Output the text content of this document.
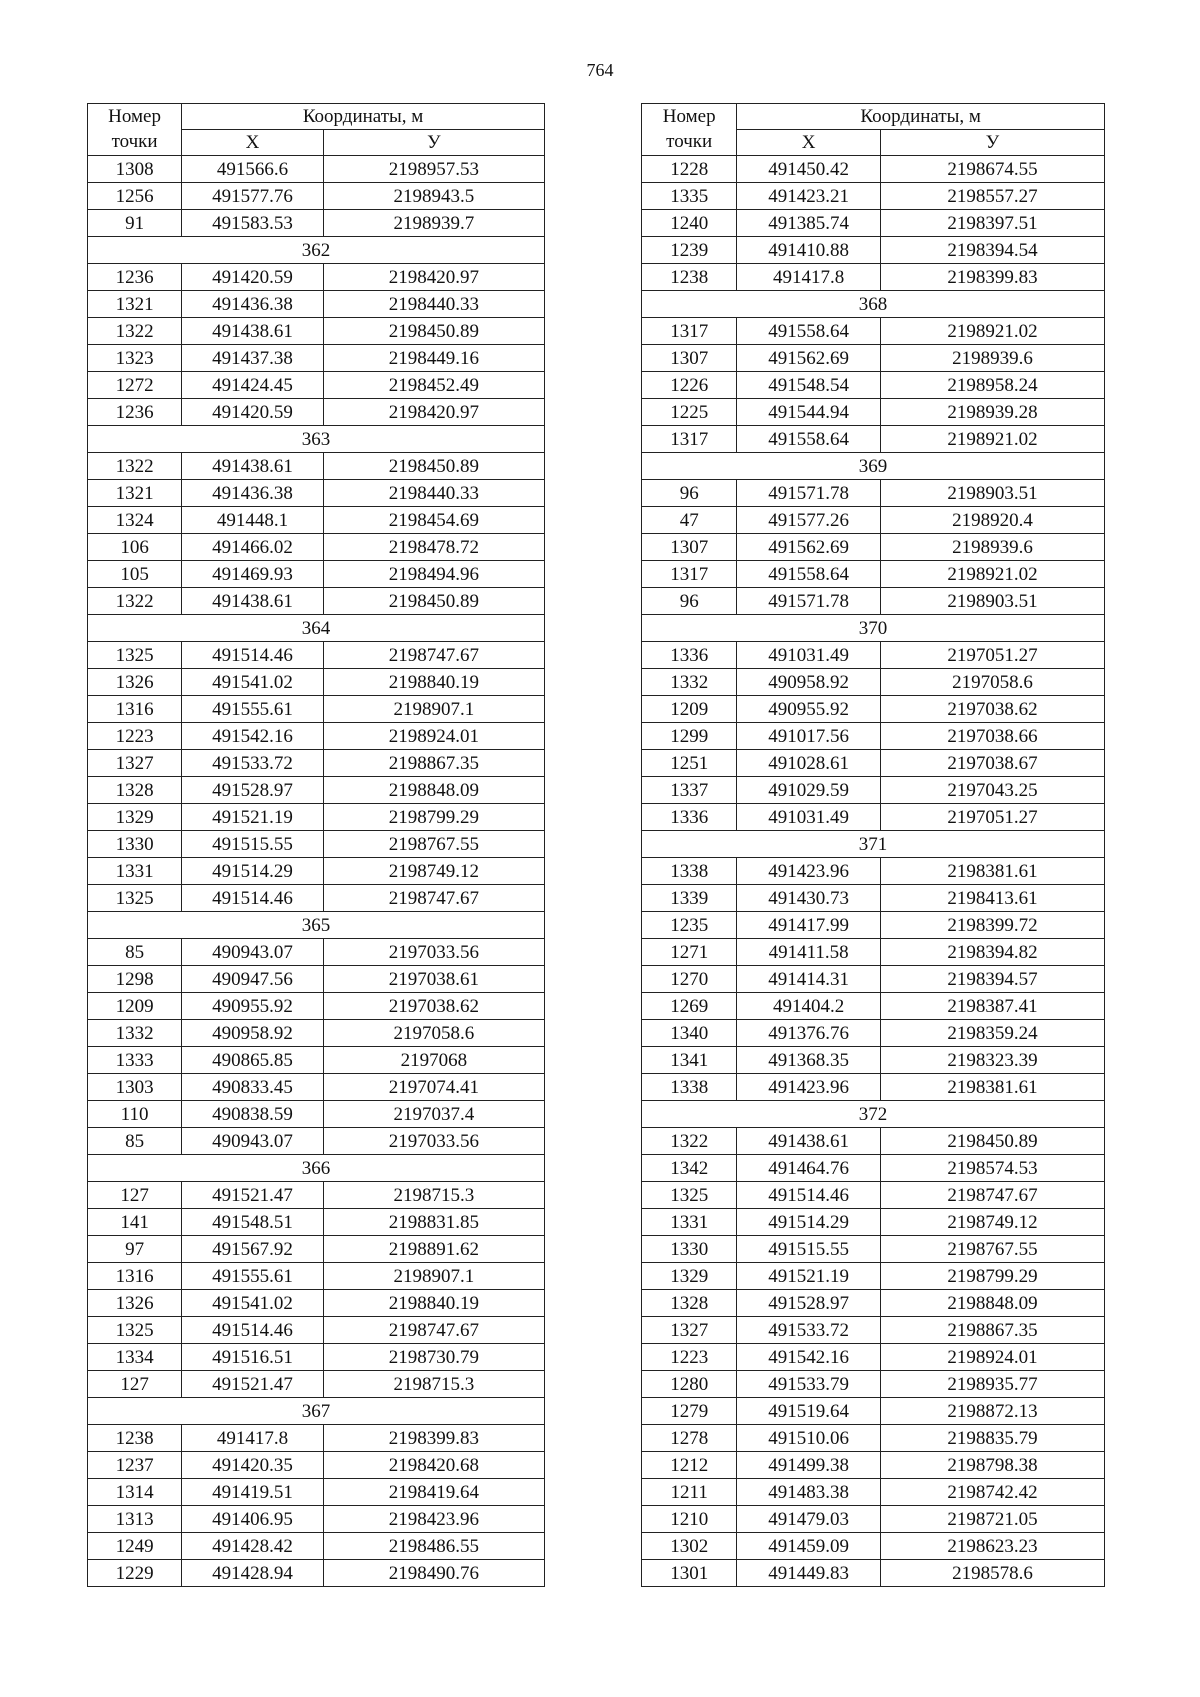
764
Номер
точки	Координаты, м	
	X	У
1308	491566.6	2198957.53
1256	491577.76	2198943.5
91	491583.53	2198939.7
362		
1236	491420.59	2198420.97
1321	491436.38	2198440.33
1322	491438.61	2198450.89
1323	491437.38	2198449.16
1272	491424.45	2198452.49
1236	491420.59	2198420.97
363		
1322	491438.61	2198450.89
1321	491436.38	2198440.33
1324	491448.1	2198454.69
106	491466.02	2198478.72
105	491469.93	2198494.96
1322	491438.61	2198450.89
364		
1325	491514.46	2198747.67
1326	491541.02	2198840.19
1316	491555.61	2198907.1
1223	491542.16	2198924.01
1327	491533.72	2198867.35
1328	491528.97	2198848.09
1329	491521.19	2198799.29
1330	491515.55	2198767.55
1331	491514.29	2198749.12
1325	491514.46	2198747.67
365		
85	490943.07	2197033.56
1298	490947.56	2197038.61
1209	490955.92	2197038.62
1332	490958.92	2197058.6
1333	490865.85	2197068
1303	490833.45	2197074.41
110	490838.59	2197037.4
85	490943.07	2197033.56
366		
127	491521.47	2198715.3
141	491548.51	2198831.85
97	491567.92	2198891.62
1316	491555.61	2198907.1
1326	491541.02	2198840.19
1325	491514.46	2198747.67
1334	491516.51	2198730.79
127	491521.47	2198715.3
367		
1238	491417.8	2198399.83
1237	491420.35	2198420.68
1314	491419.51	2198419.64
1313	491406.95	2198423.96
1249	491428.42	2198486.55
1229	491428.94	2198490.76
Номер
точки	Координаты, м	
	X	У
1228	491450.42	2198674.55
1335	491423.21	2198557.27
1240	491385.74	2198397.51
1239	491410.88	2198394.54
1238	491417.8	2198399.83
368		
1317	491558.64	2198921.02
1307	491562.69	2198939.6
1226	491548.54	2198958.24
1225	491544.94	2198939.28
1317	491558.64	2198921.02
369		
96	491571.78	2198903.51
47	491577.26	2198920.4
1307	491562.69	2198939.6
1317	491558.64	2198921.02
96	491571.78	2198903.51
370		
1336	491031.49	2197051.27
1332	490958.92	2197058.6
1209	490955.92	2197038.62
1299	491017.56	2197038.66
1251	491028.61	2197038.67
1337	491029.59	2197043.25
1336	491031.49	2197051.27
371		
1338	491423.96	2198381.61
1339	491430.73	2198413.61
1235	491417.99	2198399.72
1271	491411.58	2198394.82
1270	491414.31	2198394.57
1269	491404.2	2198387.41
1340	491376.76	2198359.24
1341	491368.35	2198323.39
1338	491423.96	2198381.61
372		
1322	491438.61	2198450.89
1342	491464.76	2198574.53
1325	491514.46	2198747.67
1331	491514.29	2198749.12
1330	491515.55	2198767.55
1329	491521.19	2198799.29
1328	491528.97	2198848.09
1327	491533.72	2198867.35
1223	491542.16	2198924.01
1280	491533.79	2198935.77
1279	491519.64	2198872.13
1278	491510.06	2198835.79
1212	491499.38	2198798.38
1211	491483.38	2198742.42
1210	491479.03	2198721.05
1302	491459.09	2198623.23
1301	491449.83	2198578.6
